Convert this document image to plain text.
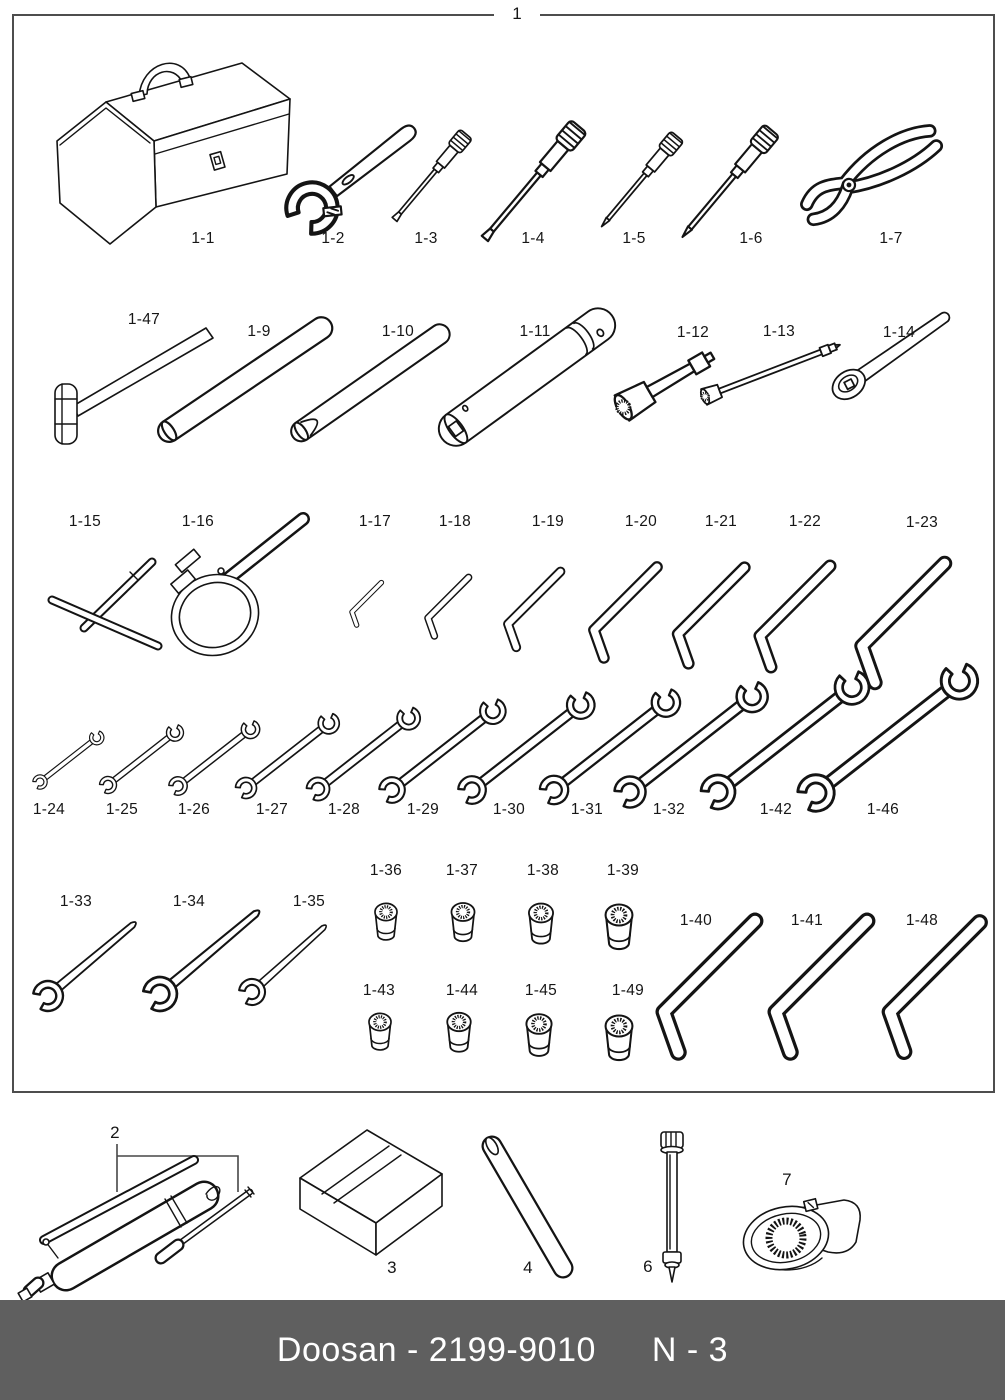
1
1-1	1-2	1-3	1-4	1-5	1-6	1-7
1-47
1-9	1-10	1-11	1-12	1-13	1-14
1-15	1-16	1-17	1-18	1-19	1-20	1-21	1-22	1-23
1-24	1-25	1-26	1-27	1-28	1-29	1-30	1-31	1-32	1-42	1-46
1-33	1-34	1-35
1-36	1-37	1-38	1-39
1-40	1-41	1-48
1-43	1-44	1-45	1-49
2
3	4	6
7
Doosan - 2199-9010 N - 3
